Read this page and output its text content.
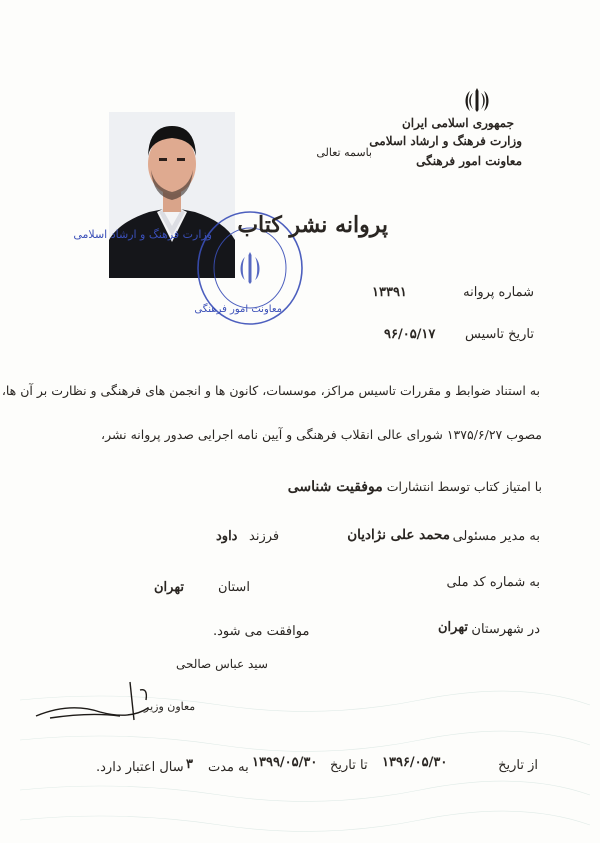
جمهوری اسلامی ایران
وزارت فرهنگ و ارشاد اسلامی
معاونت امور فرهنگی
باسمه تعالی
وزارت فرهنگ و ارشاد اسلامی
معاونت امور فرهنگی
پروانه نشر کتاب
شماره پروانه
۱۳۳۹۱
تاریخ تاسیس
۹۶/۰۵/۱۷
به استناد ضوابط و مقررات تاسیس مراکز، موسسات، کانون ها و انجمن های فرهنگی و نظارت بر آن ها،
مصوب ۱۳۷۵/۶/۲۷ شورای عالی انقلاب فرهنگی و آیین نامه اجرایی صدور پروانه نشر،
با امتیاز کتاب توسط انتشارات موفقیت شناسی
به مدیر مسئولی
محمد علی نژادیان
فرزند
داود
به شماره کد ملی
استان
تهران
در شهرستان
تهران
موافقت می شود.
سید عباس صالحی
معاون وزیر
از تاریخ
۱۳۹۶/۰۵/۳۰
تا تاریخ
۱۳۹۹/۰۵/۳۰
به مدت
۳
سال اعتبار دارد.
